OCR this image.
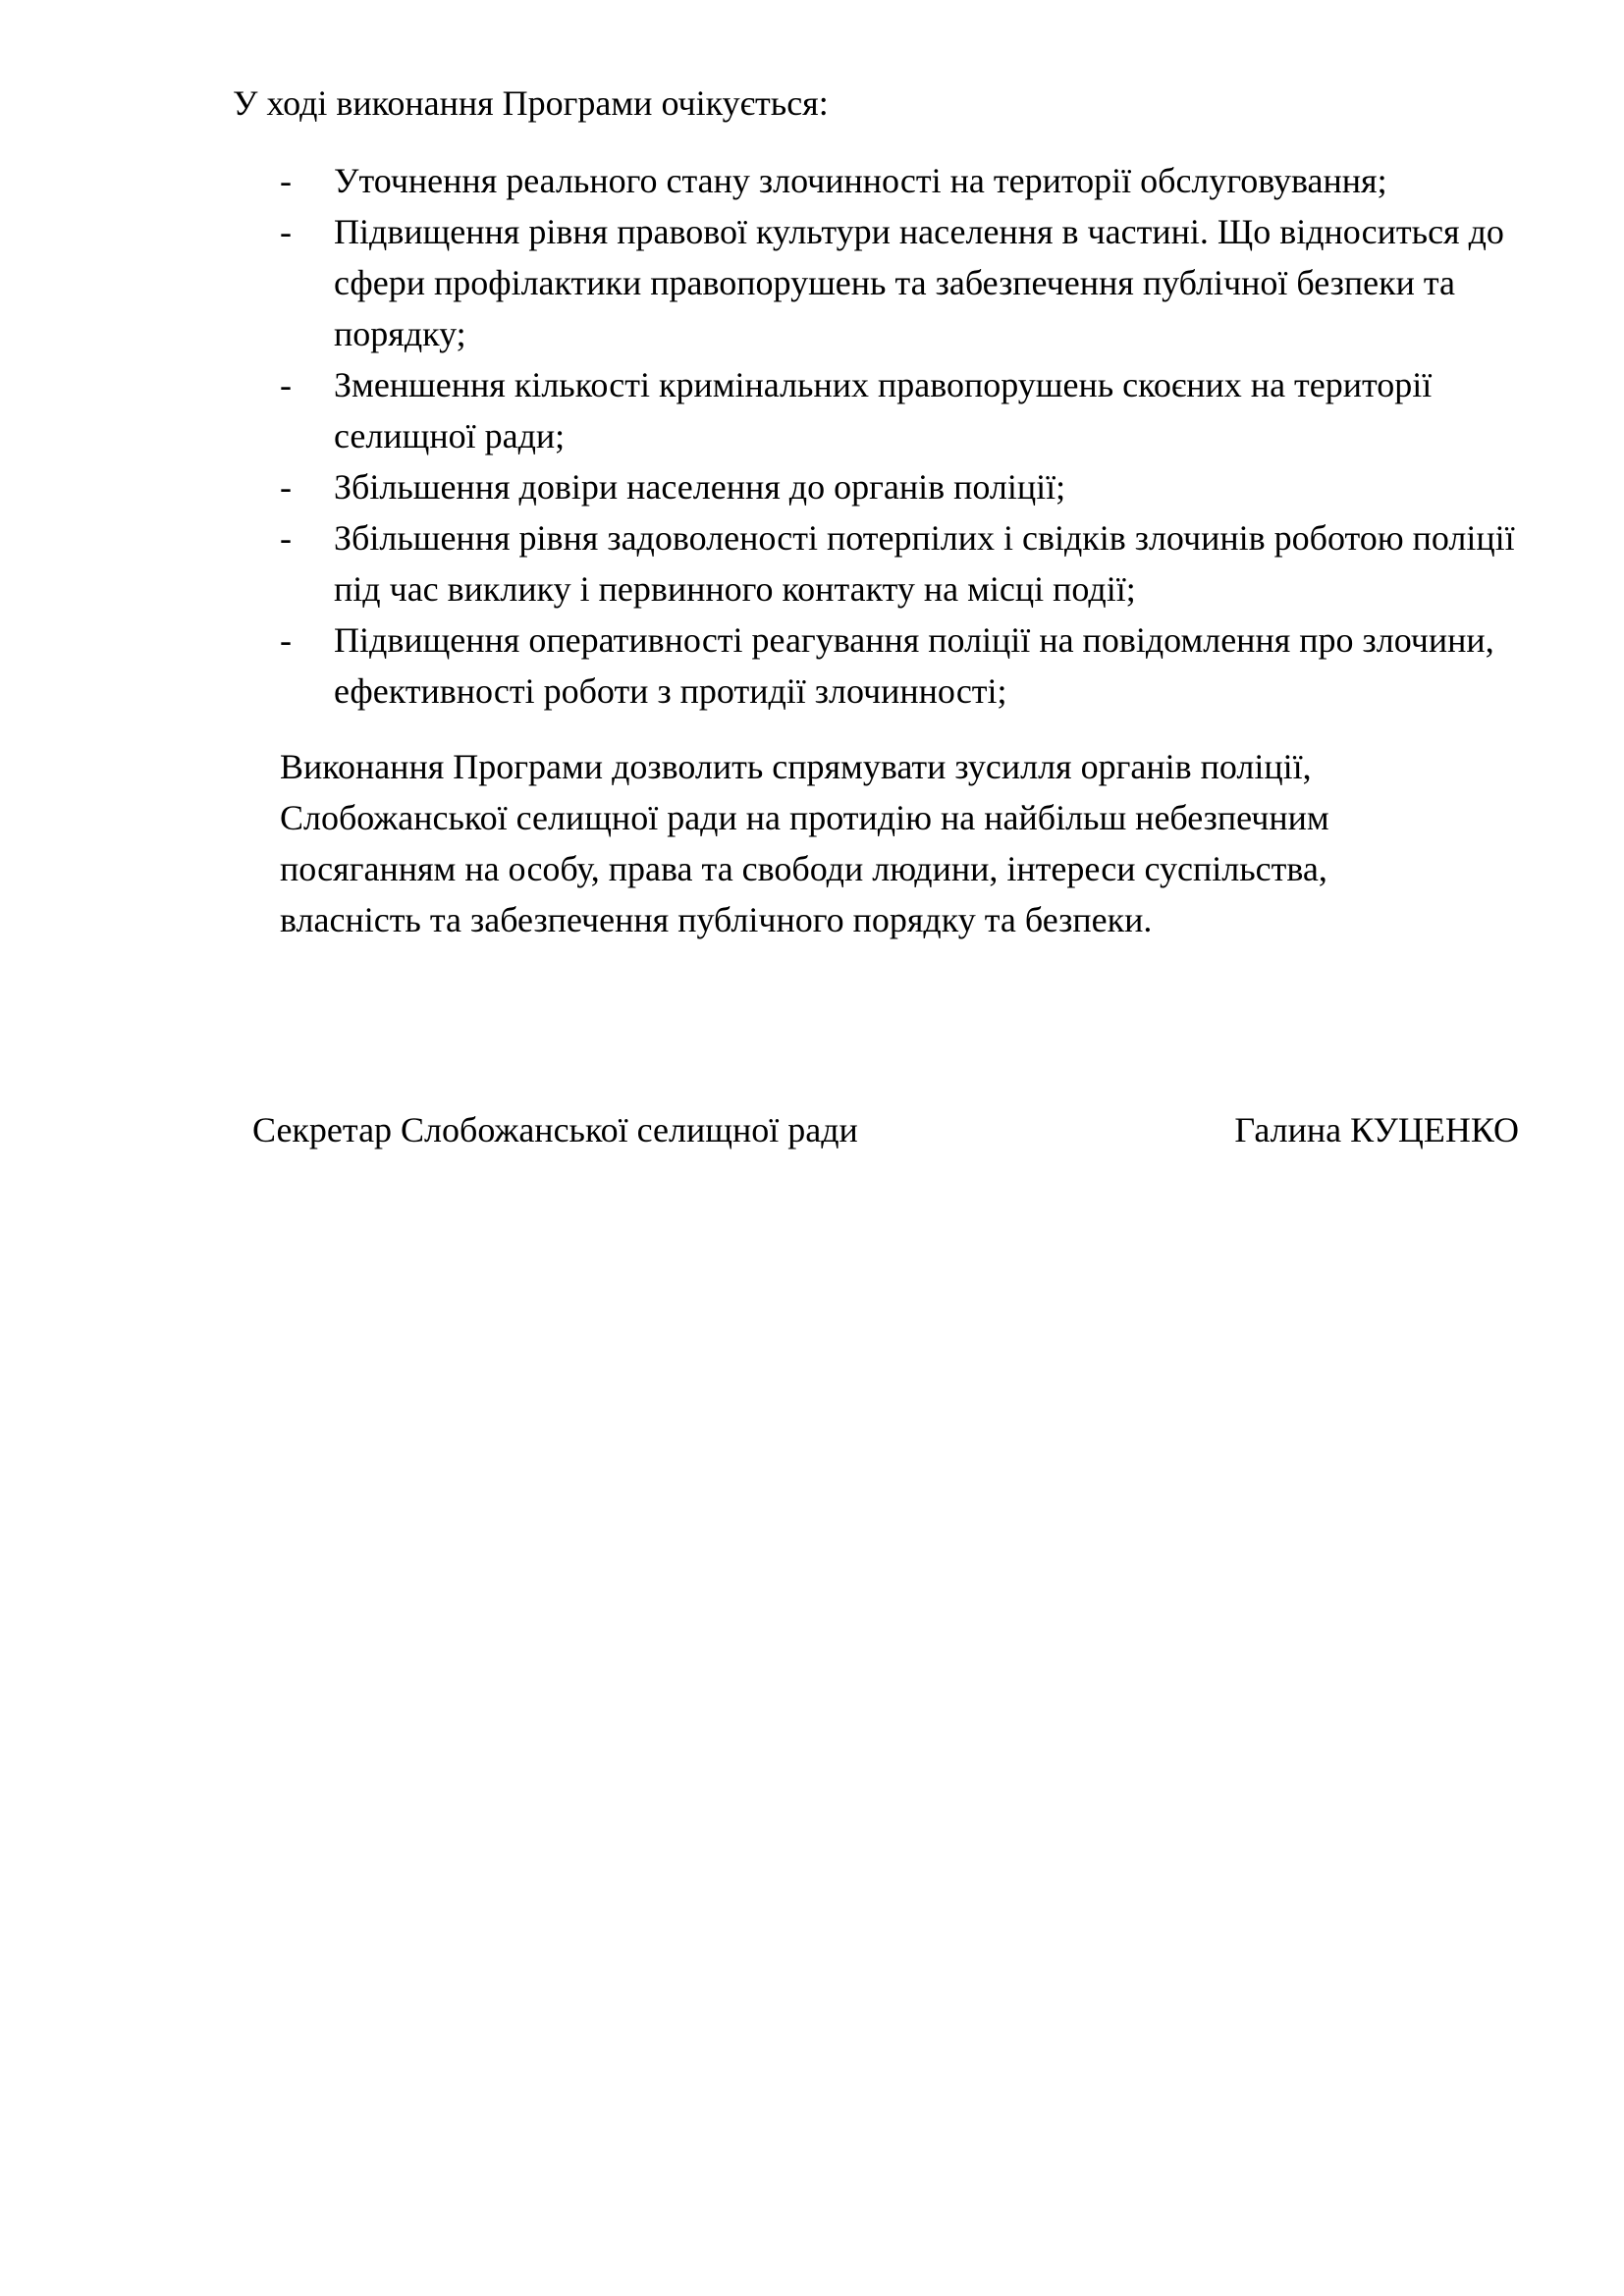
У ході виконання Програми очікується:

- Уточнення реального стану злочинності на території обслуговування;
- Підвищення рівня правової культури населення в частині. Що відноситься до сфери профілактики правопорушень та забезпечення публічної безпеки та порядку;
- Зменшення кількості кримінальних правопорушень скоєних на території селищної ради;
- Збільшення довіри населення до органів поліції;
- Збільшення рівня задоволеності потерпілих і свідків злочинів роботою поліції під час виклику і первинного контакту на місці події;
- Підвищення оперативності реагування поліції на повідомлення про злочини, ефективності роботи з протидії злочинності;
Виконання Програми дозволить спрямувати зусилля органів поліції,
Слобожанської селищної ради на протидію на найбільш небезпечним
посяганням на особу, права та свободи людини, інтереси суспільства,
власність та забезпечення публічного порядку та безпеки.
Секретар Слобожанської селищної ради	Галина КУЦЕНКО
